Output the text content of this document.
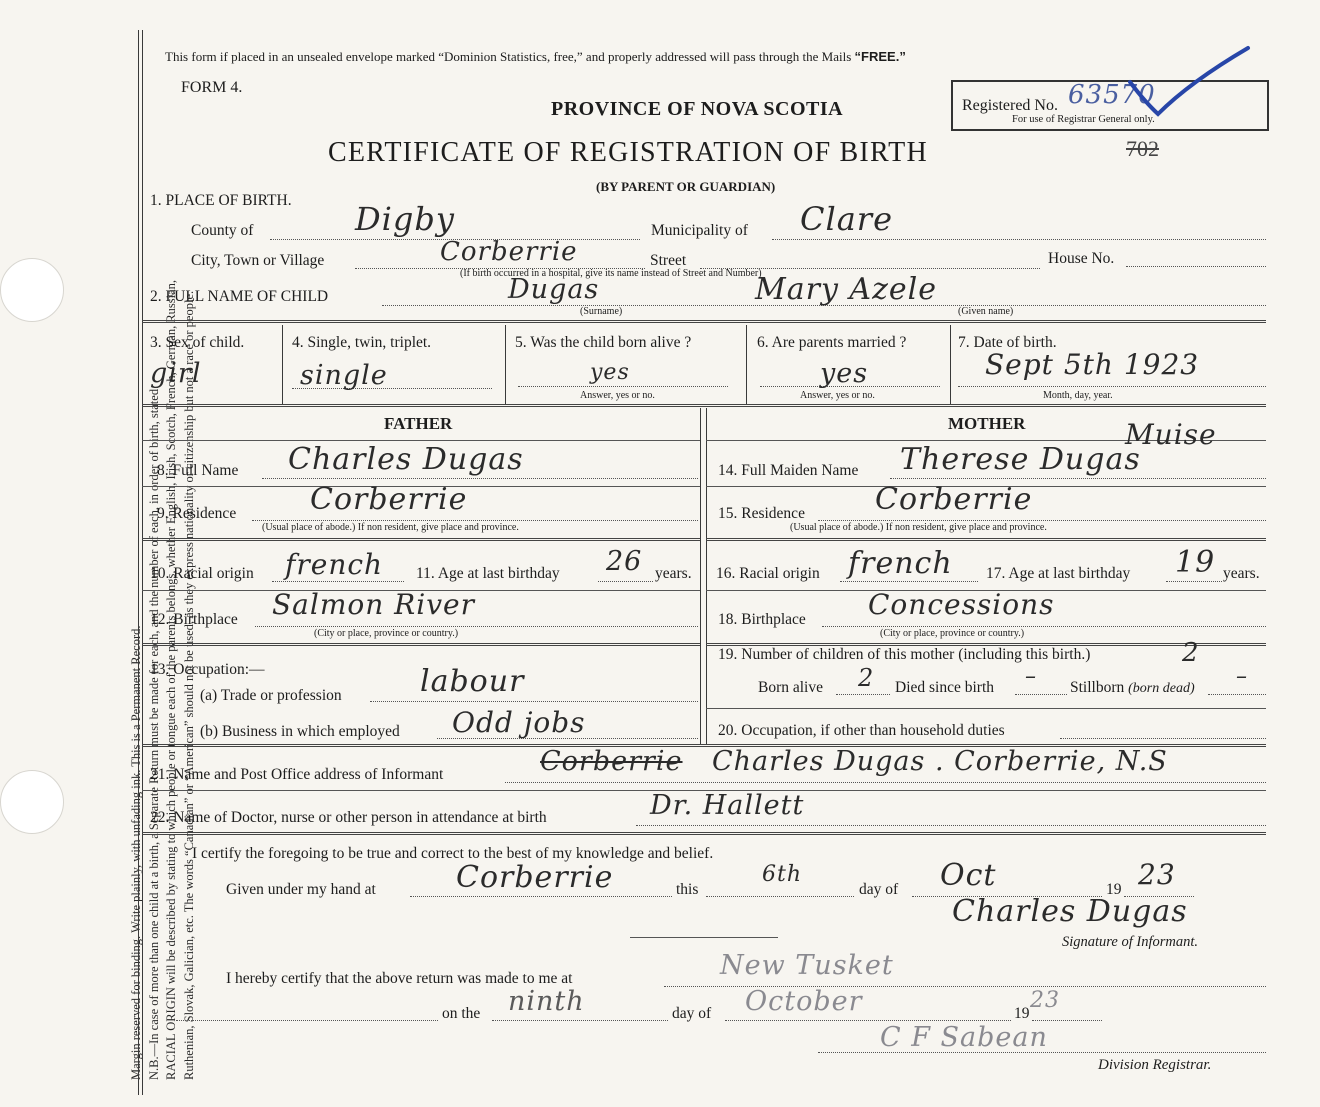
Margin reserved for binding. Write plainly, with unfading ink. This is a Permanent Record. N.B.—In case of more than one child at a birth, a Separate Return must be made for each, and the number of each, in order of birth, stated. RACIAL ORIGIN will be described by stating to which people or tongue each of the parents belongs, whether English, Irish, Scotch, French, German, Russian, Ruthenian, Slovak, Galician, etc. The words “Canadian” or “American” should not be used, as they express nationality or citizenship but not a race or people.
This form if placed in an unsealed envelope marked “Dominion Statistics, free,” and properly addressed will pass through the Mails “FREE.”
FORM 4.
PROVINCE OF NOVA SCOTIA	Registered No. 63570
For use of Registrar General only.
CERTIFICATE OF REGISTRATION OF BIRTH	702
(BY PARENT OR GUARDIAN)
1. PLACE OF BIRTH.
County of	Digby	Municipality of Clare
City, Town or Village	Corberrie	Street	House No.
(If birth occurred in a hospital, give its name instead of Street and Number)
2. FULL NAME OF CHILD	Dugas	Mary Azele
(Surname)	(Given name)
3. Sex of child.
girl
4. Single, twin, triplet.
single
5. Was the child born alive ?
yes
Answer, yes or no.
6. Are parents married ?
yes
Answer, yes or no.
7. Date of birth.
Sept 5th 1923
Month, day, year.
FATHER	MOTHER
8. Full Name Charles Dugas
9. Residence Corberrie
(Usual place of abode.) If non resident, give place and province.
10. Racial origin french 11. Age at last birthday 26 years.
12. Birthplace Salmon River
(City or place, province or country.)
13. Occupation:—
(a) Trade or profession	labour
(b) Business in which employed Odd jobs
14. Full Maiden Name Therese Dugas
Muise
15. Residence Corberrie
(Usual place of abode.) If non resident, give place and province.
16. Racial origin french 17. Age at last birthday 19 years.
18. Birthplace Concessions
(City or place, province or country.)
19. Number of children of this mother (including this birth.)	2
Born alive 2 Died since birth – Stillborn (born dead) –
20. Occupation, if other than household duties
21. Name and Post Office address of Informant	Corberrie Charles Dugas . Corberrie, N.S
22. Name of Doctor, nurse or other person in attendance at birth	Dr. Hallett
I certify the foregoing to be true and correct to the best of my knowledge and belief.
Given under my hand at	Corberrie	this
6th
day of Oct	19 23
Charles Dugas
Signature of Informant.
I hereby certify that the above return was made to me at	New Tusket
on the ninth	day of October	19
23
C F Sabean
Division Registrar.
